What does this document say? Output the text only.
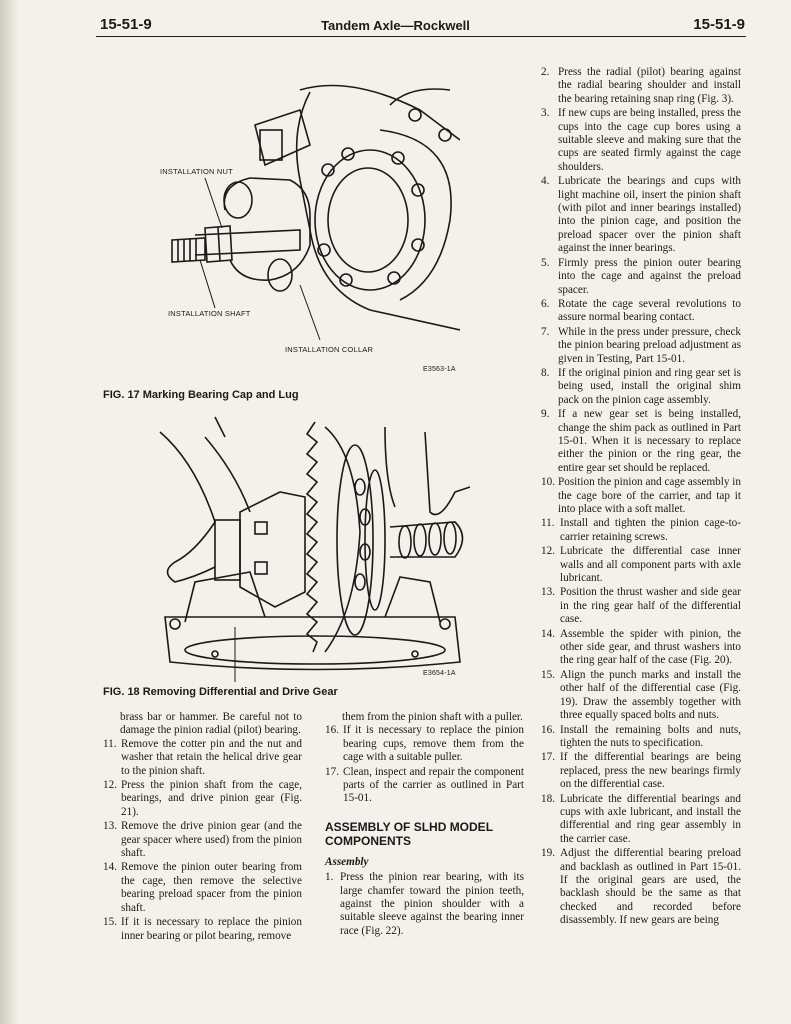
15-51-9	Tandem Axle—Rockwell	15-51-9
INSTALLATION NUT
INSTALLATION SHAFT
INSTALLATION COLLAR
E3563-1A
FIG. 17 Marking Bearing Cap and Lug
E3654-1A
FIG. 18 Removing Differential and Drive Gear

brass bar or hammer. Be careful not to damage the pinion radial (pilot) bearing.

11. Remove the cotter pin and the nut and washer that retain the helical drive gear to the pinion shaft.
12. Press the pinion shaft from the cage, bearings, and drive pinion gear (Fig. 21).
13. Remove the drive pinion gear (and the gear spacer where used) from the pinion shaft.
14. Remove the pinion outer bearing from the cage, then remove the selective bearing preload spacer from the pinion shaft.
15. If it is necessary to replace the pinion inner bearing or pilot bearing, remove

them from the pinion shaft with a puller.

16. If it is necessary to replace the pinion bearing cups, remove them from the cage with a suitable puller.
17. Clean, inspect and repair the component parts of the carrier as outlined in Part 15-01.
ASSEMBLY OF SLHD MODEL COMPONENTS
Assembly
1. Press the pinion rear bearing, with its large chamfer toward the pinion teeth, against the pinion shoulder with a suitable sleeve against the bearing inner race (Fig. 22).
2. Press the radial (pilot) bearing against the radial bearing shoulder and install the bearing retaining snap ring (Fig. 3).
3. If new cups are being installed, press the cups into the cage cup bores using a suitable sleeve and making sure that the cups are seated firmly against the cage shoulders.
4. Lubricate the bearings and cups with light machine oil, insert the pinion shaft (with pilot and inner bearings installed) into the pinion cage, and position the preload spacer over the pinion shaft against the inner bearings.
5. Firmly press the pinion outer bearing into the cage and against the preload spacer.
6. Rotate the cage several revolutions to assure normal bearing contact.
7. While in the press under pressure, check the pinion bearing preload adjustment as given in Testing, Part 15-01.
8. If the original pinion and ring gear set is being used, install the original shim pack on the pinion cage assembly.
9. If a new gear set is being installed, change the shim pack as outlined in Part 15-01. When it is necessary to replace either the pinion or the ring gear, the entire gear set should be replaced.
10. Position the pinion and cage assembly in the cage bore of the carrier, and tap it into place with a soft mallet.
11. Install and tighten the pinion cage-to-carrier retaining screws.
12. Lubricate the differential case inner walls and all component parts with axle lubricant.
13. Position the thrust washer and side gear in the ring gear half of the differential case.
14. Assemble the spider with pinion, the other side gear, and thrust washers into the ring gear half of the case (Fig. 20).
15. Align the punch marks and install the other half of the differential case (Fig. 19). Draw the assembly together with three equally spaced bolts and nuts.
16. Install the remaining bolts and nuts, tighten the nuts to specification.
17. If the differential bearings are being replaced, press the new bearings firmly on the differential case.
18. Lubricate the differential bearings and cups with axle lubricant, and install the differential and ring gear assembly in the carrier case.
19. Adjust the differential bearing preload and backlash as outlined in Part 15-01. If the original gears are used, the backlash should be the same as that checked and recorded before disassembly. If new gears are being
